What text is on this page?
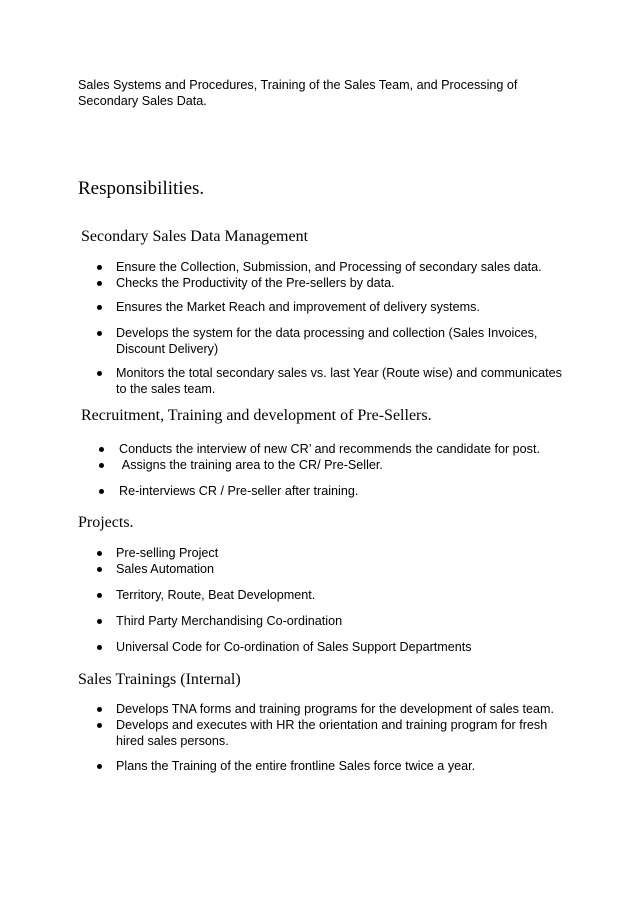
Sales Systems and Procedures, Training of the Sales Team, and Processing of Secondary Sales Data.
Responsibilities.
Secondary Sales Data Management
Ensure the Collection, Submission, and Processing of secondary sales data.
Checks the Productivity of the Pre-sellers by data.
Ensures the Market Reach and improvement of delivery systems.
Develops the system for the data processing and collection (Sales Invoices, Discount Delivery)
Monitors the total secondary sales vs. last Year (Route wise) and communicates to the sales team.
Recruitment, Training and development of Pre-Sellers.
Conducts the interview of new CR’ and recommends the candidate for post.
Assigns the training area to the CR/ Pre-Seller.
Re-interviews CR / Pre-seller after training.
Projects.
Pre-selling Project
Sales Automation
Territory, Route, Beat Development.
Third Party Merchandising Co-ordination
Universal Code for Co-ordination of Sales Support Departments
Sales Trainings (Internal)
Develops TNA forms and training programs for the development of sales team.
Develops and executes with HR the orientation and training program for fresh hired sales persons.
Plans the Training of the entire frontline Sales force twice a year.
